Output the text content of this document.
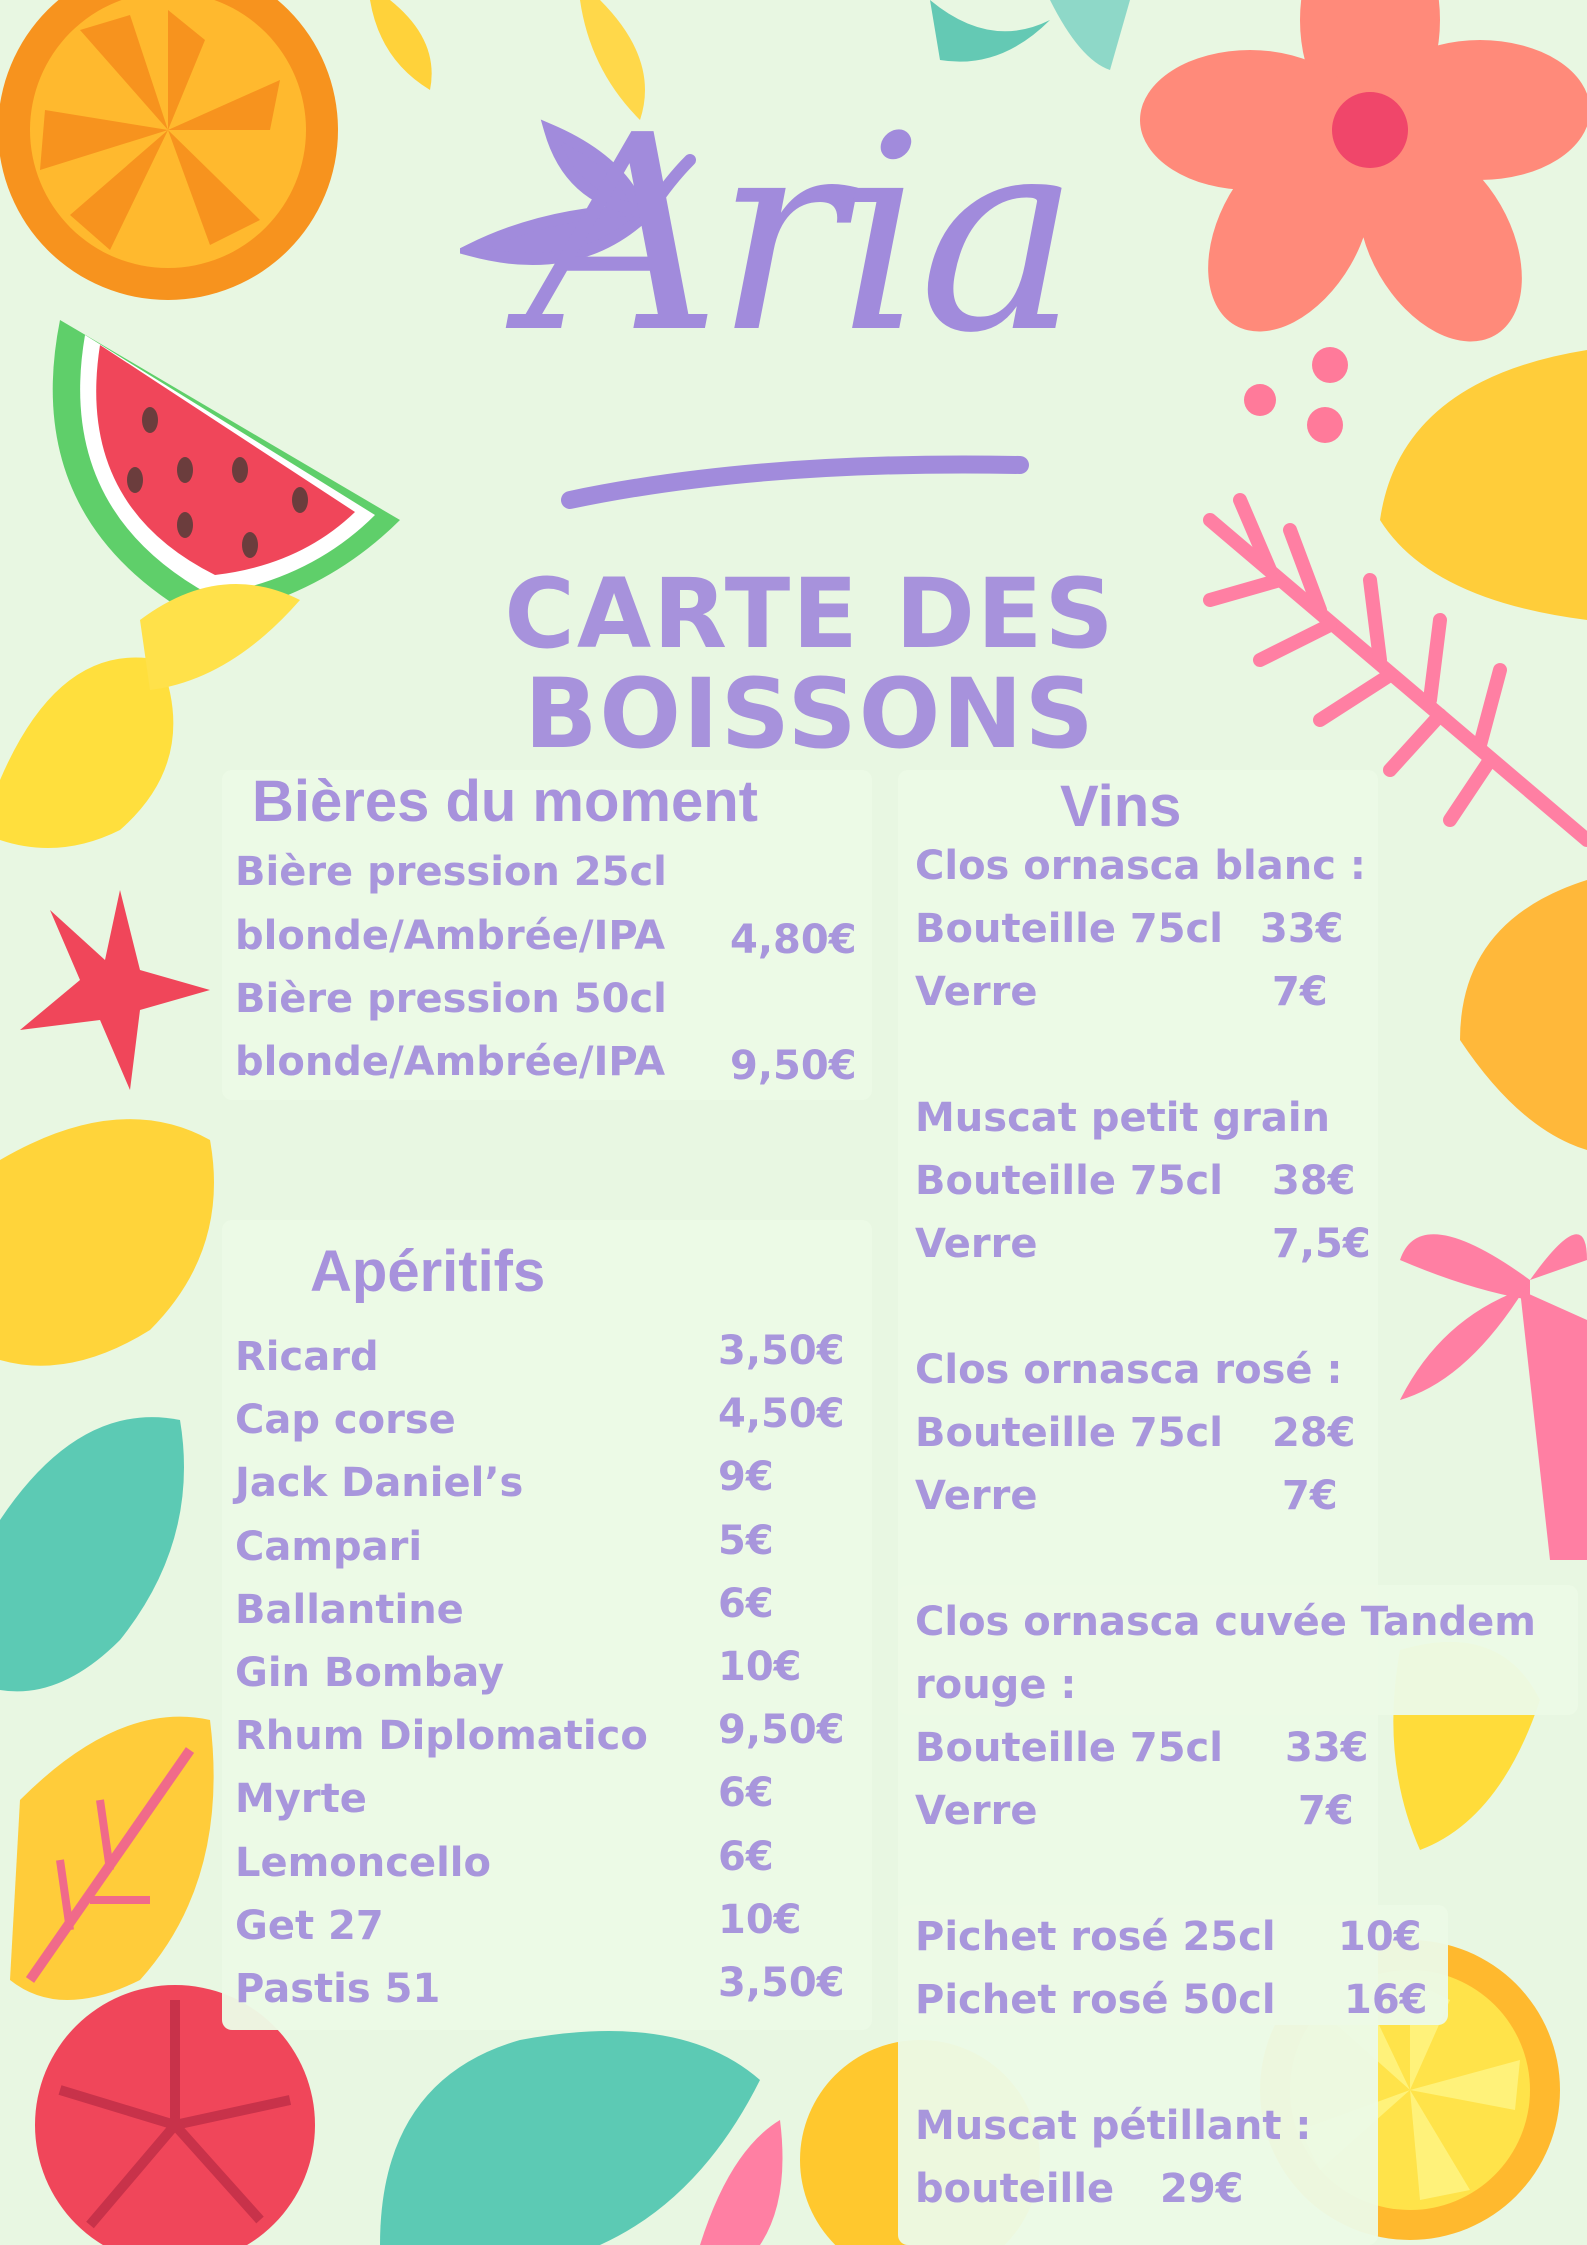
Aria
CARTE DES
BOISSONS
Bières du moment
Bière pression 25cl
blonde/Ambrée/IPA 4,80€
Bière pression 50cl
blonde/Ambrée/IPA 9,50€
Apéritifs
Ricard	3,50€
Cap corse	4,50€
Jack Daniel’s	9€
Campari	5€
Ballantine	6€
Gin Bombay	10€
Rhum Diplomatico 9,50€
Myrte	6€
Lemoncello	6€
Get 27	10€
Pastis 51	3,50€
Vins
Clos ornasca blanc :
Bouteille 75cl 33€
Verre	7€
Muscat petit grain
Bouteille 75cl 38€
Verre	7,5€
Clos ornasca rosé :
Bouteille 75cl 28€
Verre	7€
Clos ornasca cuvée Tandem
rouge :
Bouteille 75cl 33€
Verre	7€
Pichet rosé 25cl 10€
Pichet rosé 50cl 16€
Muscat pétillant :
bouteille 29€
